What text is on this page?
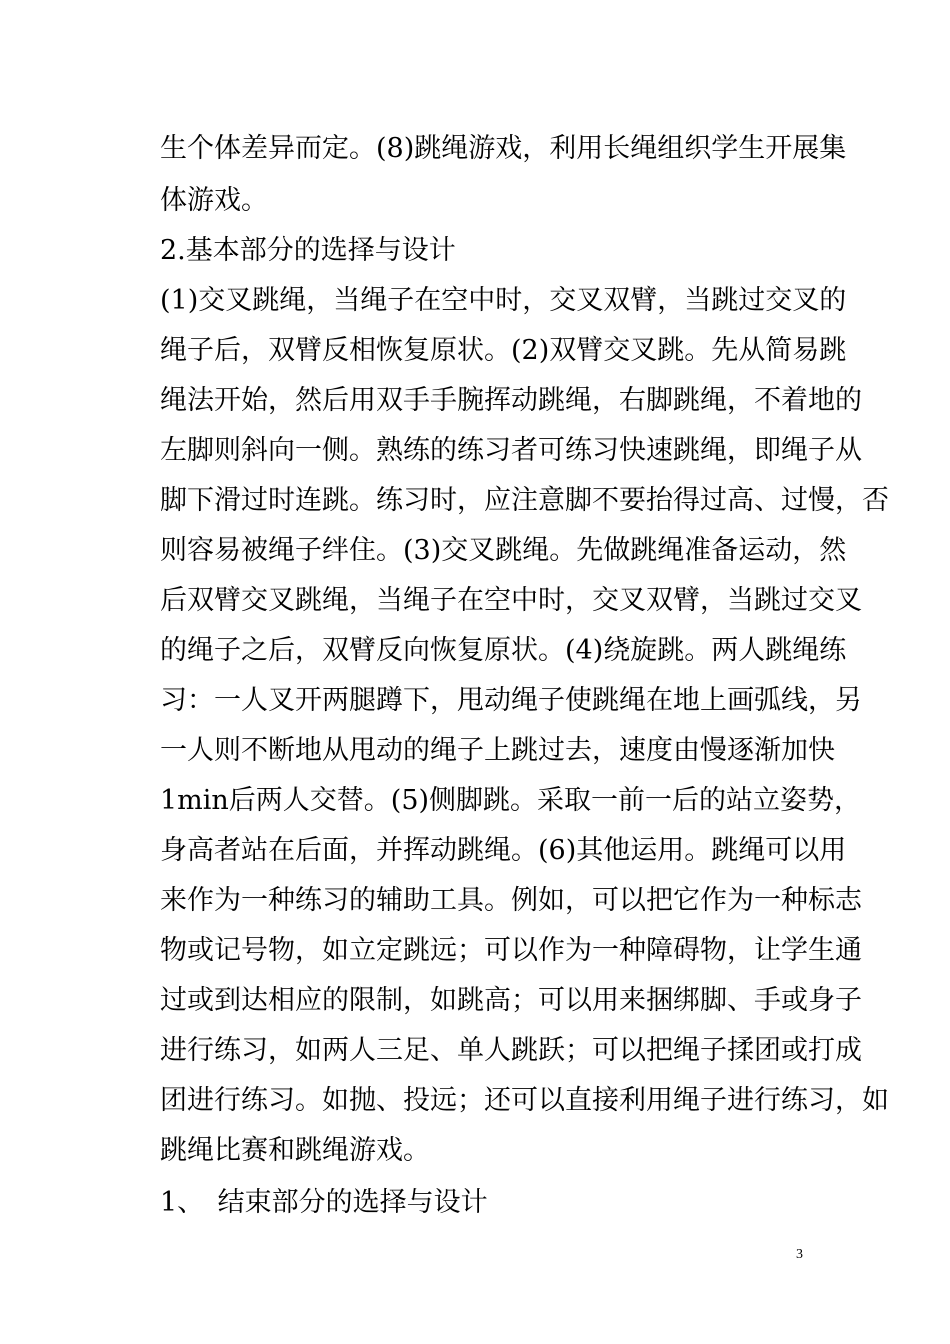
生个体差异而定。(8)跳绳游戏，利用长绳组织学生开展集
体游戏。
2.基本部分的选择与设计
(1)交叉跳绳，当绳子在空中时，交叉双臂，当跳过交叉的
绳子后，双臂反相恢复原状。(2)双臂交叉跳。先从简易跳
绳法开始，然后用双手手腕挥动跳绳，右脚跳绳，不着地的
左脚则斜向一侧。熟练的练习者可练习快速跳绳，即绳子从
脚下滑过时连跳。练习时，应注意脚不要抬得过高、过慢，否
则容易被绳子绊住。(3)交叉跳绳。先做跳绳准备运动，然
后双臂交叉跳绳，当绳子在空中时，交叉双臂，当跳过交叉
的绳子之后，双臂反向恢复原状。(4)绕旋跳。两人跳绳练
习：一人叉开两腿蹲下，甩动绳子使跳绳在地上画弧线，另
一人则不断地从甩动的绳子上跳过去，速度由慢逐渐加快
1min后两人交替。(5)侧脚跳。采取一前一后的站立姿势，
身高者站在后面，并挥动跳绳。(6)其他运用。跳绳可以用
来作为一种练习的辅助工具。例如，可以把它作为一种标志
物或记号物，如立定跳远；可以作为一种障碍物，让学生通
过或到达相应的限制，如跳高；可以用来捆绑脚、手或身子
进行练习，如两人三足、单人跳跃；可以把绳子揉团或打成
团进行练习。如抛、投远；还可以直接利用绳子进行练习，如
跳绳比赛和跳绳游戏。
1、　结束部分的选择与设计
3
